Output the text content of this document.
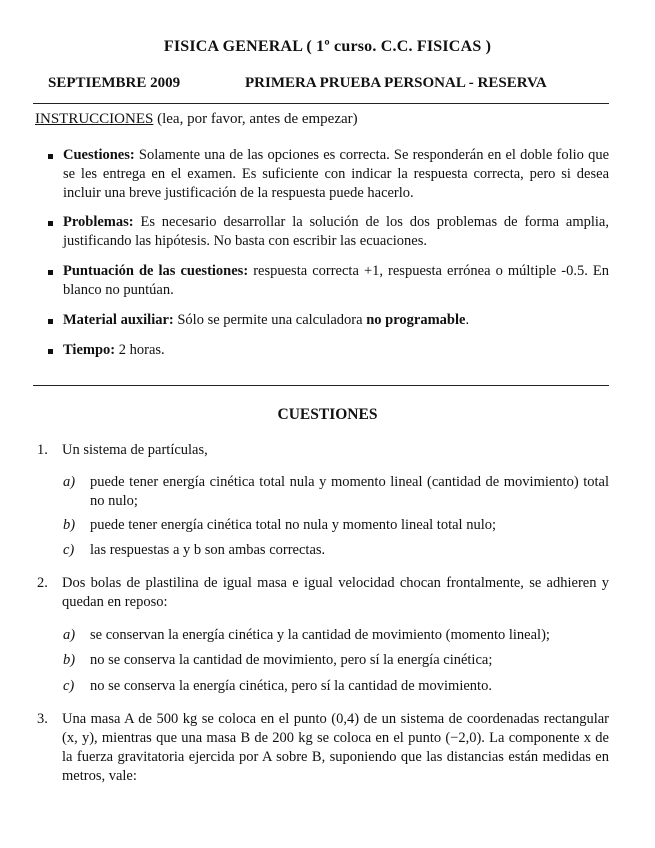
FISICA GENERAL ( 1º curso. C.C. FISICAS )
SEPTIEMBRE 2009	PRIMERA PRUEBA PERSONAL - RESERVA
INSTRUCCIONES (lea, por favor, antes de empezar)
Cuestiones: Solamente una de las opciones es correcta. Se responderán en el doble folio que se les entrega en el examen. Es suficiente con indicar la respuesta correcta, pero si desea incluir una breve justificación de la respuesta puede hacerlo.
Problemas: Es necesario desarrollar la solución de los dos problemas de forma amplia, justificando las hipótesis. No basta con escribir las ecuaciones.
Puntuación de las cuestiones: respuesta correcta +1, respuesta errónea o múltiple -0.5. En blanco no puntúan.
Material auxiliar: Sólo se permite una calculadora no programable.
Tiempo: 2 horas.
CUESTIONES
1. Un sistema de partículas,
a) puede tener energía cinética total nula y momento lineal (cantidad de movimiento) total no nulo;
b) puede tener energía cinética total no nula y momento lineal total nulo;
c) las respuestas a y b son ambas correctas.
2. Dos bolas de plastilina de igual masa e igual velocidad chocan frontalmente, se adhieren y quedan en reposo:
a) se conservan la energía cinética y la cantidad de movimiento (momento lineal);
b) no se conserva la cantidad de movimiento, pero sí la energía cinética;
c) no se conserva la energía cinética, pero sí la cantidad de movimiento.
3. Una masa A de 500 kg se coloca en el punto (0,4) de un sistema de coordenadas rectangular (x, y), mientras que una masa B de 200 kg se coloca en el punto (−2,0). La componente x de la fuerza gravitatoria ejercida por A sobre B, suponiendo que las distancias están medidas en metros, vale:
